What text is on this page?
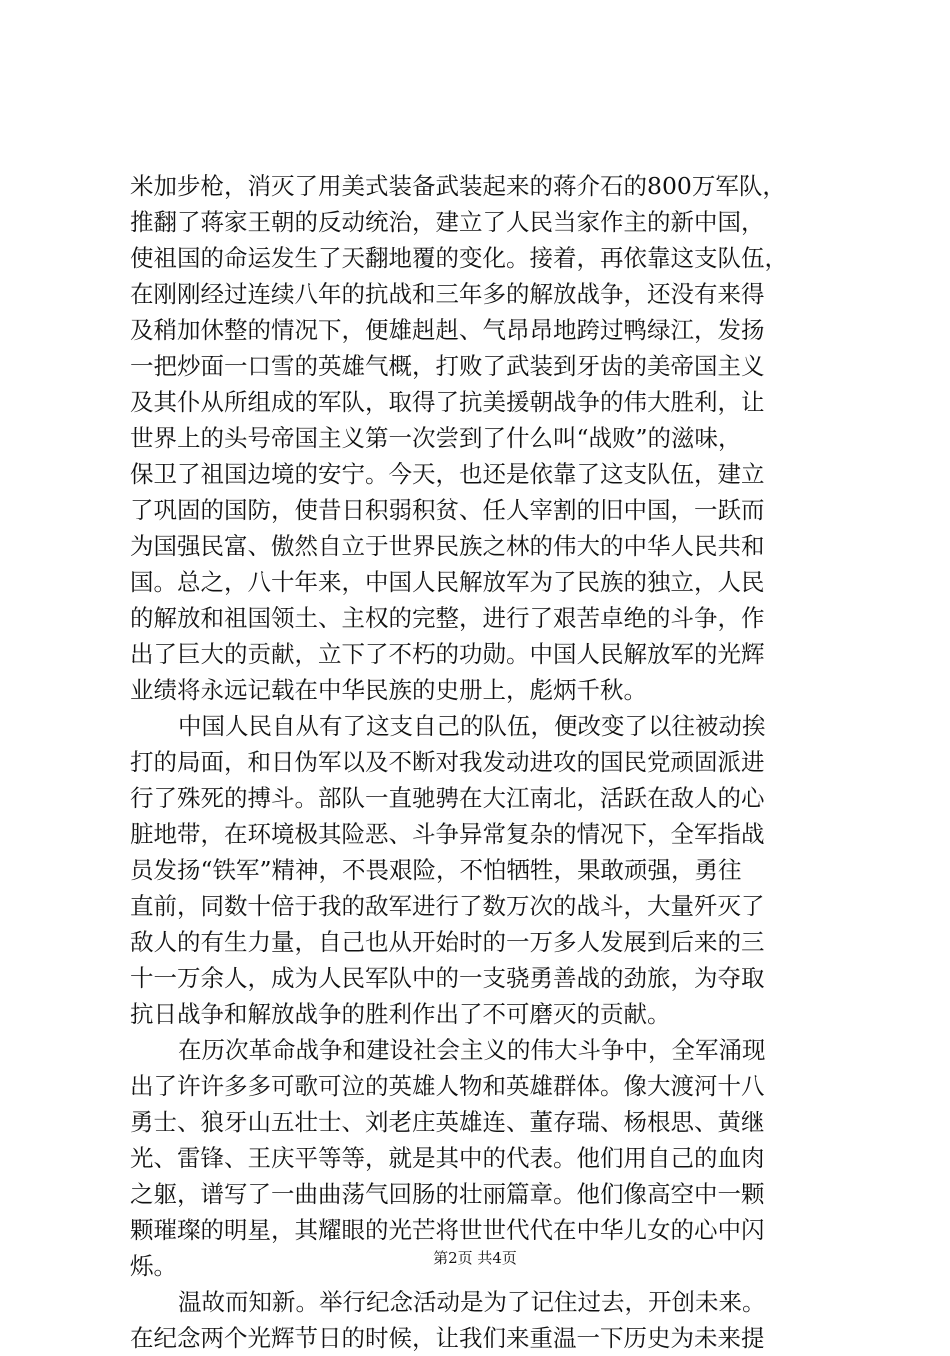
米加步枪，消灭了用美式装备武装起来的蒋介石的800万军队，
推翻了蒋家王朝的反动统治，建立了人民当家作主的新中国，
使祖国的命运发生了天翻地覆的变化。接着，再依靠这支队伍，
在刚刚经过连续八年的抗战和三年多的解放战争，还没有来得
及稍加休整的情况下，便雄赳赳、气昂昂地跨过鸭绿江，发扬
一把炒面一口雪的英雄气概，打败了武装到牙齿的美帝国主义
及其仆从所组成的军队，取得了抗美援朝战争的伟大胜利，让
世界上的头号帝国主义第一次尝到了什么叫“战败”的滋味，
保卫了祖国边境的安宁。今天，也还是依靠了这支队伍，建立
了巩固的国防，使昔日积弱积贫、任人宰割的旧中国，一跃而
为国强民富、傲然自立于世界民族之林的伟大的中华人民共和
国。总之，八十年来，中国人民解放军为了民族的独立，人民
的解放和祖国领土、主权的完整，进行了艰苦卓绝的斗争，作
出了巨大的贡献，立下了不朽的功勋。中国人民解放军的光辉
业绩将永远记载在中华民族的史册上，彪炳千秋。
中国人民自从有了这支自己的队伍，便改变了以往被动挨
打的局面，和日伪军以及不断对我发动进攻的国民党顽固派进
行了殊死的搏斗。部队一直驰骋在大江南北，活跃在敌人的心
脏地带，在环境极其险恶、斗争异常复杂的情况下，全军指战
员发扬“铁军”精神，不畏艰险，不怕牺牲，果敢顽强，勇往
直前，同数十倍于我的敌军进行了数万次的战斗，大量歼灭了
敌人的有生力量，自己也从开始时的一万多人发展到后来的三
十一万余人，成为人民军队中的一支骁勇善战的劲旅，为夺取
抗日战争和解放战争的胜利作出了不可磨灭的贡献。
在历次革命战争和建设社会主义的伟大斗争中，全军涌现
出了许许多多可歌可泣的英雄人物和英雄群体。像大渡河十八
勇士、狼牙山五壮士、刘老庄英雄连、董存瑞、杨根思、黄继
光、雷锋、王庆平等等，就是其中的代表。他们用自己的血肉
之躯，谱写了一曲曲荡气回肠的壮丽篇章。他们像高空中一颗
颗璀璨的明星，其耀眼的光芒将世世代代在中华儿女的心中闪
烁。
温故而知新。举行纪念活动是为了记住过去，开创未来。
在纪念两个光辉节日的时候，让我们来重温一下历史为未来提
第2页 共4页
